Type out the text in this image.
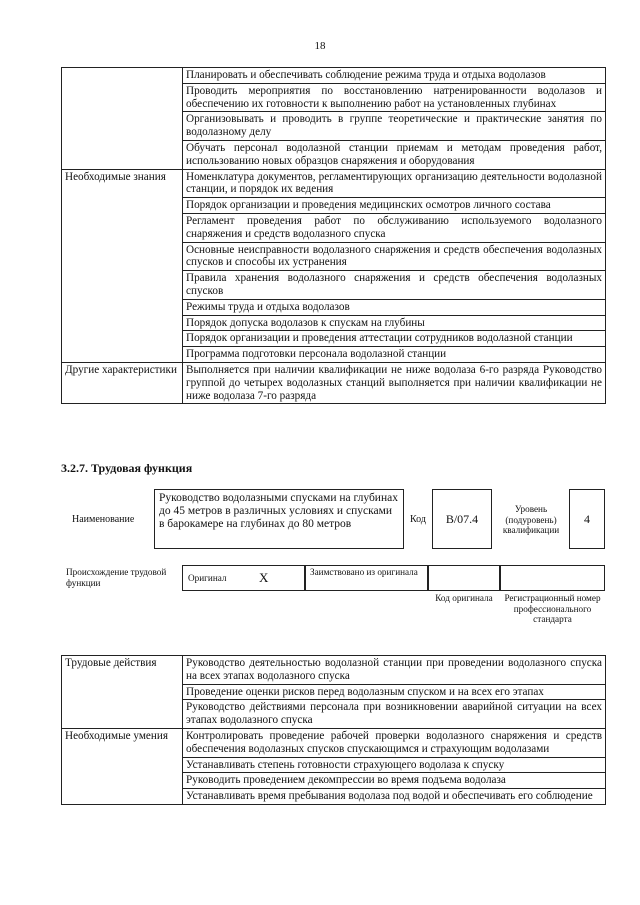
18
	Планировать и обеспечивать соблюдение режима труда и отдыха водолазов
	Проводить мероприятия по восстановлению натренированности водолазов и обеспечению их готовности к выполнению работ на установленных глубинах
	Организовывать и проводить в группе теоретические и практические занятия по водолазному делу
	Обучать персонал водолазной станции приемам и методам проведения работ, использованию новых образцов снаряжения и оборудования
Необходимые знания	Номенклатура документов, регламентирующих организацию деятельности водолазной станции, и порядок их ведения
	Порядок организации и проведения медицинских осмотров личного состава
	Регламент проведения работ по обслуживанию используемого водолазного снаряжения и средств водолазного спуска
	Основные неисправности водолазного снаряжения и средств обеспечения водолазных спусков и способы их устранения
	Правила хранения водолазного снаряжения и средств обеспечения водолазных спусков
	Режимы труда и отдыха водолазов
	Порядок допуска водолазов к спускам на глубины
	Порядок организации и проведения аттестации сотрудников водолазной станции
	Программа подготовки персонала водолазной станции
Другие характеристики	Выполняется при наличии квалификации не ниже водолаза 6-го разряда Руководство группой до четырех водолазных станций выполняется при наличии квалификации не ниже водолаза 7-го разряда
3.2.7. Трудовая функция
Наименование
Руководство водолазными спусками на глубинах до 45 метров в различных условиях и спусками в барокамере на глубинах до 80 метров	Код B/07.4
Уровень (подуровень) квалификации
4
Происхождение трудовой функции	Оригинал	X	Заимствовано из оригинала
Код оригинала	Регистрационный номер профессионального стандарта
Трудовые действия	Руководство деятельностью водолазной станции при проведении водолазного спуска на всех этапах водолазного спуска
	Проведение оценки рисков перед водолазным спуском и на всех его этапах
	Руководство действиями персонала при возникновении аварийной ситуации на всех этапах водолазного спуска
Необходимые умения	Контролировать проведение рабочей проверки водолазного снаряжения и средств обеспечения водолазных спусков спускающимся и страхующим водолазами
	Устанавливать степень готовности страхующего водолаза к спуску
	Руководить проведением декомпрессии во время подъема водолаза
	Устанавливать время пребывания водолаза под водой и обеспечивать его соблюдение
